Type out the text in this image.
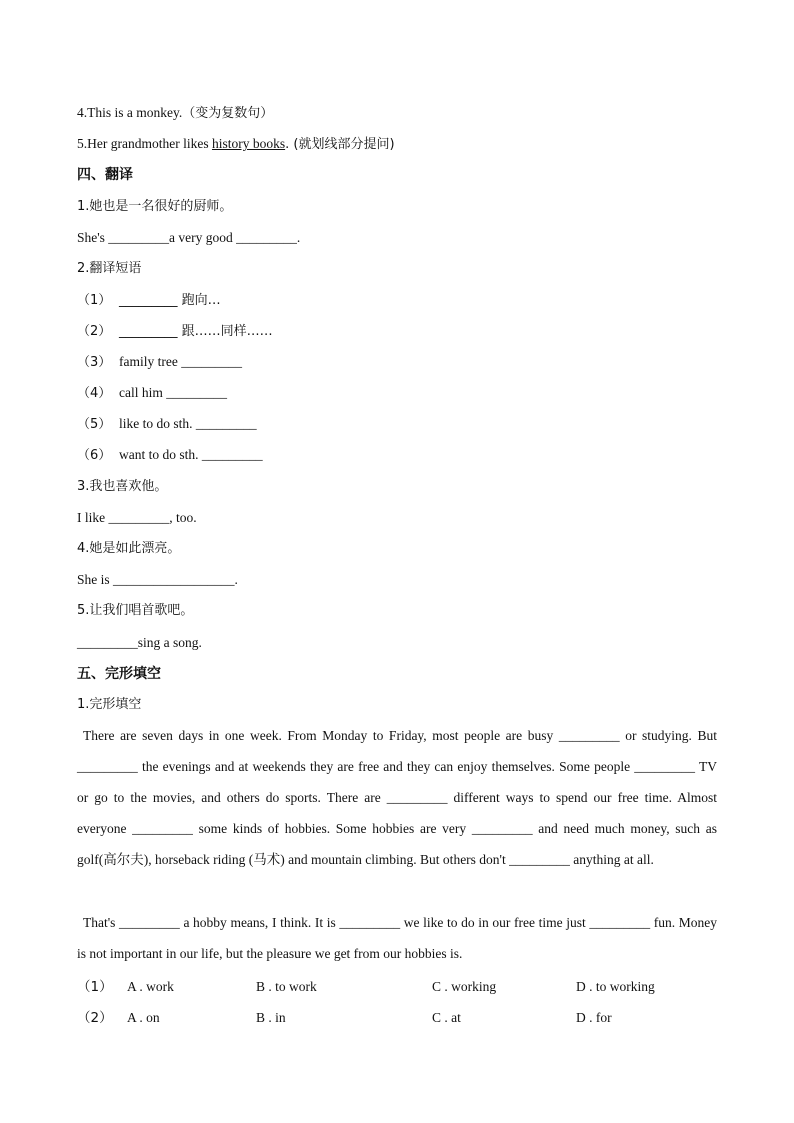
4.This is a monkey.（变为复数句）
5.Her grandmother likes history books. (就划线部分提问)
四、翻译
1.她也是一名很好的厨师。
She's _________a very good _________.
2.翻译短语
（1） _________ 跑向…
（2） _________ 跟……同样……
（3） family tree _________
（4） call him _________
（5） like to do sth. _________
（6） want to do sth. _________
3.我也喜欢他。
I like _________, too.
4.她是如此漂亮。
She is __________________.
5.让我们唱首歌吧。
_________sing a song.
五、完形填空
1.完形填空
There are seven days in one week. From Monday to Friday, most people are busy _________ or studying. But _________ the evenings and at weekends they are free and they can enjoy themselves. Some people _________ TV or go to the movies, and others do sports. There are _________ different ways to spend our free time. Almost everyone _________ some kinds of hobbies. Some hobbies are very _________ and need much money, such as golf(高尔夫), horseback riding (马术) and mountain climbing. But others don't _________ anything at all.
That's _________ a hobby means, I think. It is _________ we like to do in our free time just _________ fun. Money is not important in our life, but the pleasure we get from our hobbies is.
（1） A . work	B . to work	C . working	D . to working
（2） A . on	B . in	C . at	D . for
